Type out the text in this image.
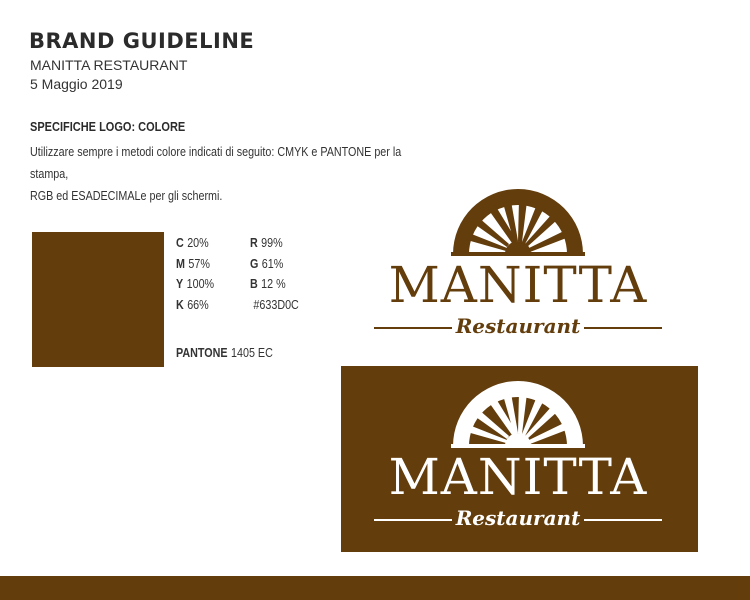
BRAND GUIDELINE
MANITTA RESTAURANT
5 Maggio 2019
SPECIFICHE LOGO: COLORE
Utilizzare sempre i metodi colore indicati di seguito: CMYK e PANTONE per la stampa,
RGB ed ESADECIMALe per gli schermi.
C 20%	R 99%
M 57%	G 61%
Y 100%	B 12 %
K 66%	#633D0C
PANTONE 1405 EC
MANITTA
Restaurant
MANITTA
Restaurant
